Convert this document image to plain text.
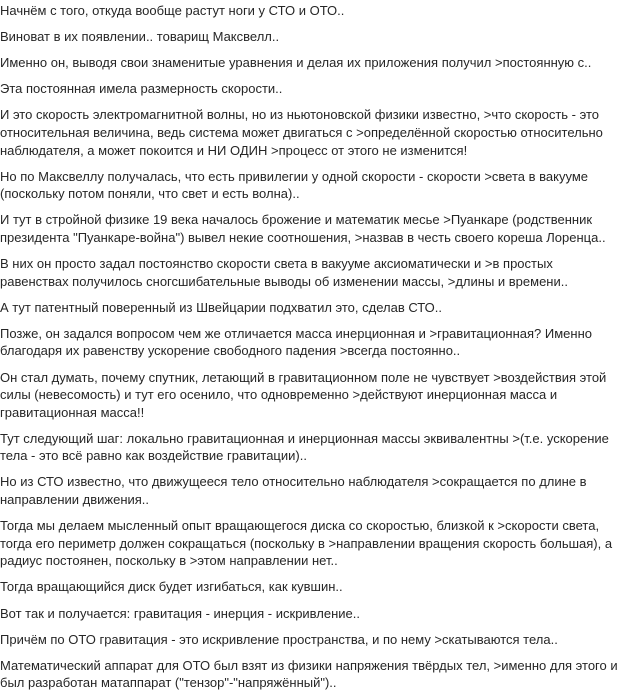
Начнём с того, откуда вообще растут ноги у СТО и ОТО..

Виноват в их появлении.. товарищ Максвелл..

Именно он, выводя свои знаменитые уравнения и делая их приложения получил >постоянную с..

Эта постоянная имела размерность скорости..

И это скорость электромагнитной волны, но из ньютоновской физики известно, >что скорость - это относительная величина, ведь система может двигаться с >определённой скоростью относительно наблюдателя, а может покоится и НИ ОДИН >процесс от этого не изменится!

Но по Максвеллу получалась, что есть привилегии у одной скорости - скорости >света в вакууме (поскольку потом поняли, что свет и есть волна)..

И тут в стройной физике 19 века началось брожение и математик месье >Пуанкаре (родственник президента "Пуанкаре-война") вывел некие соотношения, >назвав в честь своего кореша Лоренца..

В них он просто задал постоянство скорости света в вакууме аксиоматически и >в простых равенствах получилось сногсшибательные выводы об изменении массы, >длины и времени..

А тут патентный поверенный из Швейцарии подхватил это, сделав СТО..

Позже, он задался вопросом чем же отличается масса инерционная и >гравитационная? Именно благодаря их равенству ускорение свободного падения >всегда постоянно..

Он стал думать, почему спутник, летающий в гравитационном поле не чувствует >воздействия этой силы (невесомость) и тут его осенило, что одновременно >действуют инерционная масса и гравитационная масса!!

Тут следующий шаг: локально гравитационная и инерционная массы эквивалентны >(т.е. ускорение тела - это всё равно как воздействие гравитации)..

Но из СТО известно, что движущееся тело относительно наблюдателя >сокращается по длине в направлении движения..

Тогда мы делаем мысленный опыт вращающегося диска со скоростью, близкой к >скорости света, тогда его периметр должен сокращаться (поскольку в >направлении вращения скорость большая), а радиус постоянен, поскольку в >этом направлении нет..

Тогда вращающийся диск будет изгибаться, как кувшин..

Вот так и получается: гравитация - инерция - искривление..

Причём по ОТО гравитация - это искривление пространства, и по нему >скатываются тела..

Математический аппарат для ОТО был взят из физики напряжения твёрдых тел, >именно для этого и был разработан матаппарат ("тензор"-"напряжённый")..
